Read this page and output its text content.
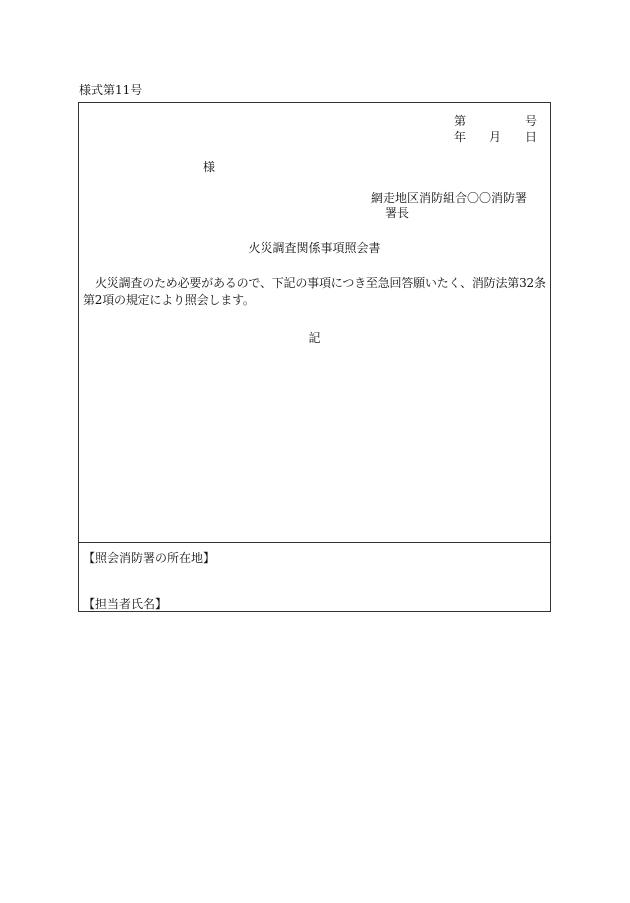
様式第11号
第	号
年 月 日
様
網走地区消防組合〇〇消防署
署長
火災調査関係事項照会書
火災調査のため必要があるので、下記の事項につき至急回答願いたく、消防法第32条第2項の規定により照会します。
記
【照会消防署の所在地】
【担当者氏名】
